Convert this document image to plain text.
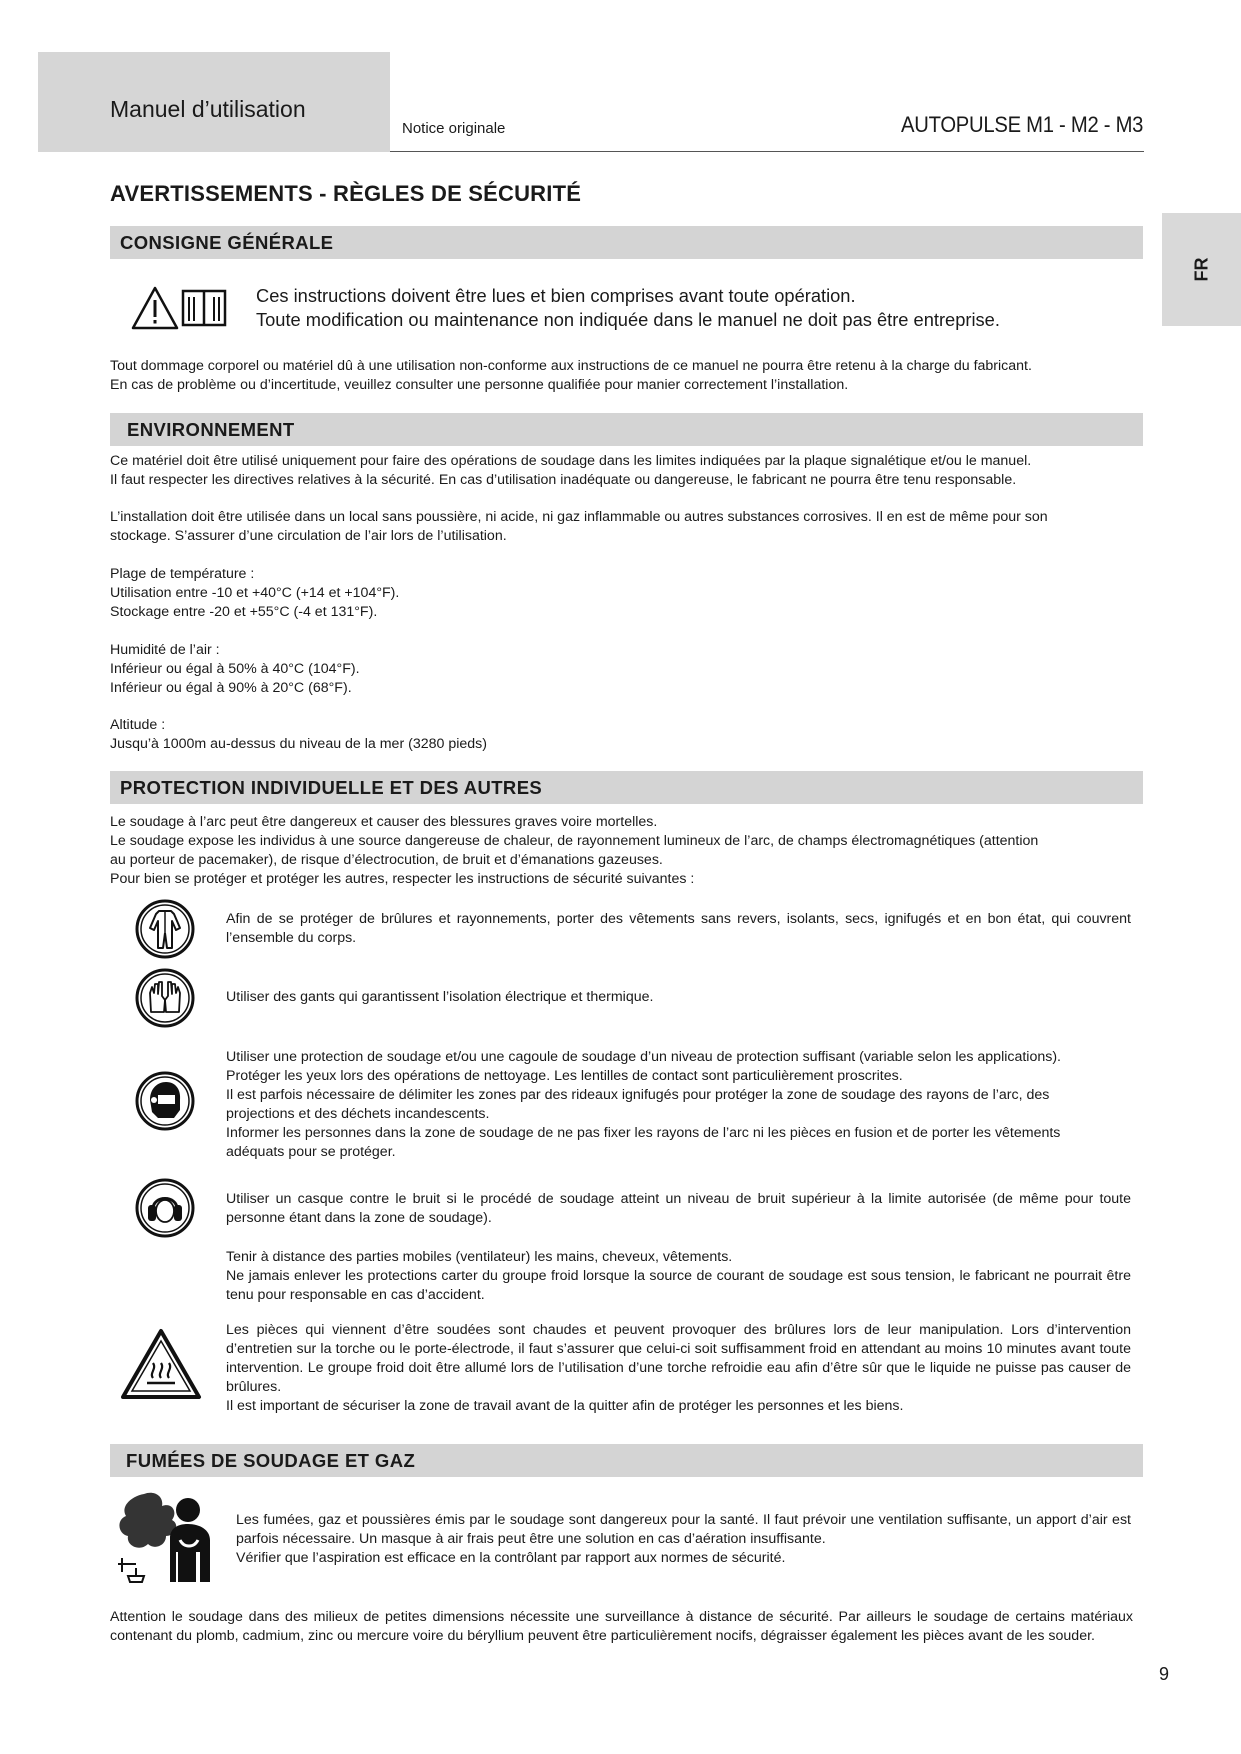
Manuel d’utilisation
Notice originale	AUTOPULSE M1 - M2 - M3
FR
AVERTISSEMENTS - RÈGLES DE SÉCURITÉ
CONSIGNE GÉNÉRALE
Ces instructions doivent être lues et bien comprises avant toute opération.
Toute modification ou maintenance non indiquée dans le manuel ne doit pas être entreprise.
Tout dommage corporel ou matériel dû à une utilisation non-conforme aux instructions de ce manuel ne pourra être retenu à la charge du fabricant.
En cas de problème ou d’incertitude, veuillez consulter une personne qualifiée pour manier correctement l’installation.
ENVIRONNEMENT
Ce matériel doit être utilisé uniquement pour faire des opérations de soudage dans les limites indiquées par la plaque signalétique et/ou le manuel.
Il faut respecter les directives relatives à la sécurité. En cas d’utilisation inadéquate ou dangereuse, le fabricant ne pourra être tenu responsable.
L’installation doit être utilisée dans un local sans poussière, ni acide, ni gaz inflammable ou autres substances corrosives. Il en est de même pour son
stockage. S’assurer d’une circulation de l’air lors de l’utilisation.
Plage de température :
Utilisation entre -10 et +40°C (+14 et +104°F).
Stockage entre -20 et +55°C (-4 et 131°F).
Humidité de l’air :
Inférieur ou égal à 50% à 40°C (104°F).
Inférieur ou égal à 90% à 20°C (68°F).
Altitude :
Jusqu’à 1000m au-dessus du niveau de la mer (3280 pieds)
PROTECTION INDIVIDUELLE ET DES AUTRES
Le soudage à l’arc peut être dangereux et causer des blessures graves voire mortelles.
Le soudage expose les individus à une source dangereuse de chaleur, de rayonnement lumineux de l’arc, de champs électromagnétiques (attention
au porteur de pacemaker), de risque d’électrocution, de bruit et d’émanations gazeuses.
Pour bien se protéger et protéger les autres, respecter les instructions de sécurité suivantes :
Afin de se protéger de brûlures et rayonnements, porter des vêtements sans revers, isolants, secs, ignifugés et en bon état, qui couvrent l’ensemble du corps.
Utiliser des gants qui garantissent l’isolation électrique et thermique.
Utiliser une protection de soudage et/ou une cagoule de soudage d’un niveau de protection suffisant (variable selon les applications).
Protéger les yeux lors des opérations de nettoyage. Les lentilles de contact sont particulièrement proscrites.
Il est parfois nécessaire de délimiter les zones par des rideaux ignifugés pour protéger la zone de soudage des rayons de l’arc, des
projections et des déchets incandescents.
Informer les personnes dans la zone de soudage de ne pas fixer les rayons de l’arc ni les pièces en fusion et de porter les vêtements
adéquats pour se protéger.
Utiliser un casque contre le bruit si le procédé de soudage atteint un niveau de bruit supérieur à la limite autorisée (de même pour toute personne étant dans la zone de soudage).
Tenir à distance des parties mobiles (ventilateur) les mains, cheveux, vêtements.
Ne jamais enlever les protections carter du groupe froid lorsque la source de courant de soudage est sous tension, le fabricant ne pourrait être tenu pour responsable en cas d’accident.
Les pièces qui viennent d’être soudées sont chaudes et peuvent provoquer des brûlures lors de leur manipulation. Lors d’intervention d’entretien sur la torche ou le porte-électrode, il faut s’assurer que celui-ci soit suffisamment froid en attendant au moins 10 minutes avant toute intervention. Le groupe froid doit être allumé lors de l’utilisation d’une torche refroidie eau afin d’être sûr que le liquide ne puisse pas causer de brûlures.
Il est important de sécuriser la zone de travail avant de la quitter afin de protéger les personnes et les biens.
FUMÉES DE SOUDAGE ET GAZ
Les fumées, gaz et poussières émis par le soudage sont dangereux pour la santé. Il faut prévoir une ventilation suffisante, un apport d’air est parfois nécessaire. Un masque à air frais peut être une solution en cas d’aération insuffisante.
Vérifier que l’aspiration est efficace en la contrôlant par rapport aux normes de sécurité.
Attention le soudage dans des milieux de petites dimensions nécessite une surveillance à distance de sécurité. Par ailleurs le soudage de certains matériaux contenant du plomb, cadmium, zinc ou mercure voire du béryllium peuvent être particulièrement nocifs, dégraisser également les pièces avant de les souder.
9
